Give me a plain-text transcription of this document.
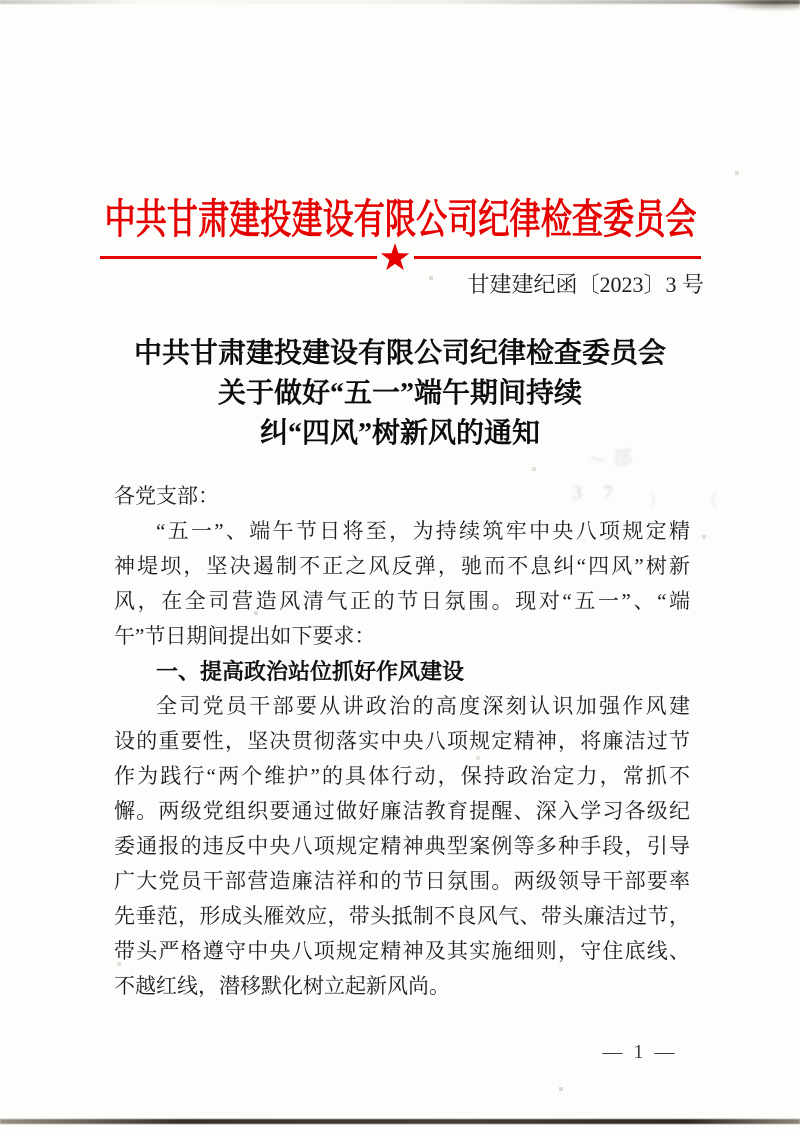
中共甘肃建投建设有限公司纪律检查委员会
甘建建纪函〔2023〕3 号
中共甘肃建投建设有限公司纪律检查委员会
关于做好“五一”端午期间持续
纠“四风”树新风的通知
～部
3 7 ） （
各党支部：
“五一”、端午节日将至，为持续筑牢中央八项规定精
神堤坝，坚决遏制不正之风反弹，驰而不息纠“四风”树新
风，在全司营造风清气正的节日氛围。现对“五一”、“端
午”节日期间提出如下要求：
一、提高政治站位抓好作风建设
全司党员干部要从讲政治的高度深刻认识加强作风建
设的重要性，坚决贯彻落实中央八项规定精神，将廉洁过节
作为践行“两个维护”的具体行动，保持政治定力，常抓不
懈。两级党组织要通过做好廉洁教育提醒、深入学习各级纪
委通报的违反中央八项规定精神典型案例等多种手段，引导
广大党员干部营造廉洁祥和的节日氛围。两级领导干部要率
先垂范，形成头雁效应，带头抵制不良风气、带头廉洁过节，
带头严格遵守中央八项规定精神及其实施细则，守住底线、
不越红线，潜移默化树立起新风尚。
— 1 —
